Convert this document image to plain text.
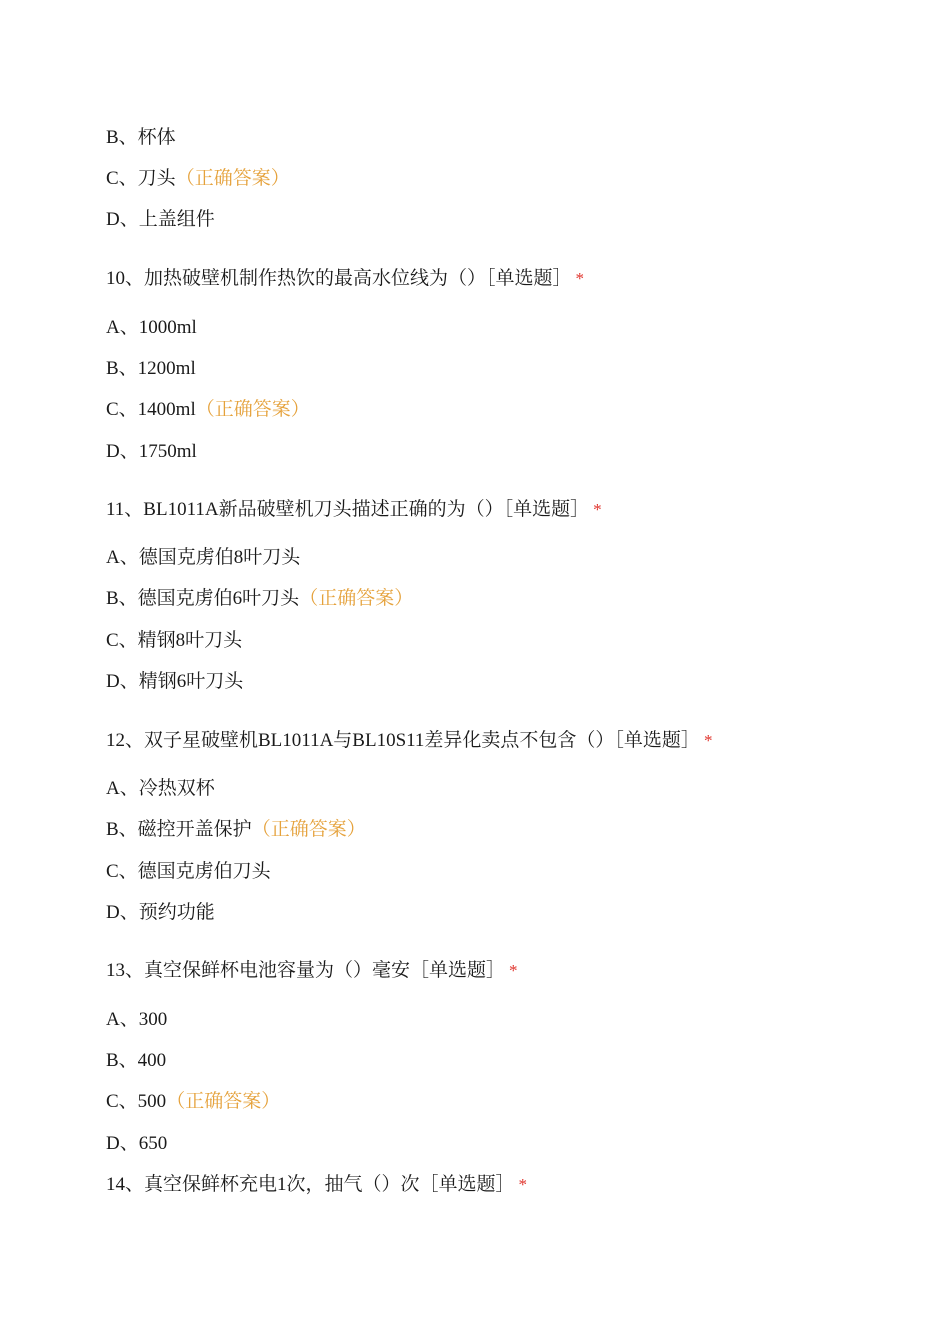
B、杯体
C、刀头（正确答案）
D、上盖组件
10、加热破壁机制作热饮的最高水位线为（）［单选题］ *
A、1000ml
B、1200ml
C、1400ml（正确答案）
D、1750ml
11、BL1011A新品破壁机刀头描述正确的为（）［单选题］ *
A、德国克虏伯8叶刀头
B、德国克虏伯6叶刀头（正确答案）
C、精钢8叶刀头
D、精钢6叶刀头
12、双子星破壁机BL1011A与BL10S11差异化卖点不包含（）［单选题］ *
A、冷热双杯
B、磁控开盖保护（正确答案）
C、德国克虏伯刀头
D、预约功能
13、真空保鲜杯电池容量为（）毫安［单选题］ *
A、300
B、400
C、500（正确答案）
D、650
14、真空保鲜杯充电1次，抽气（）次［单选题］ *
